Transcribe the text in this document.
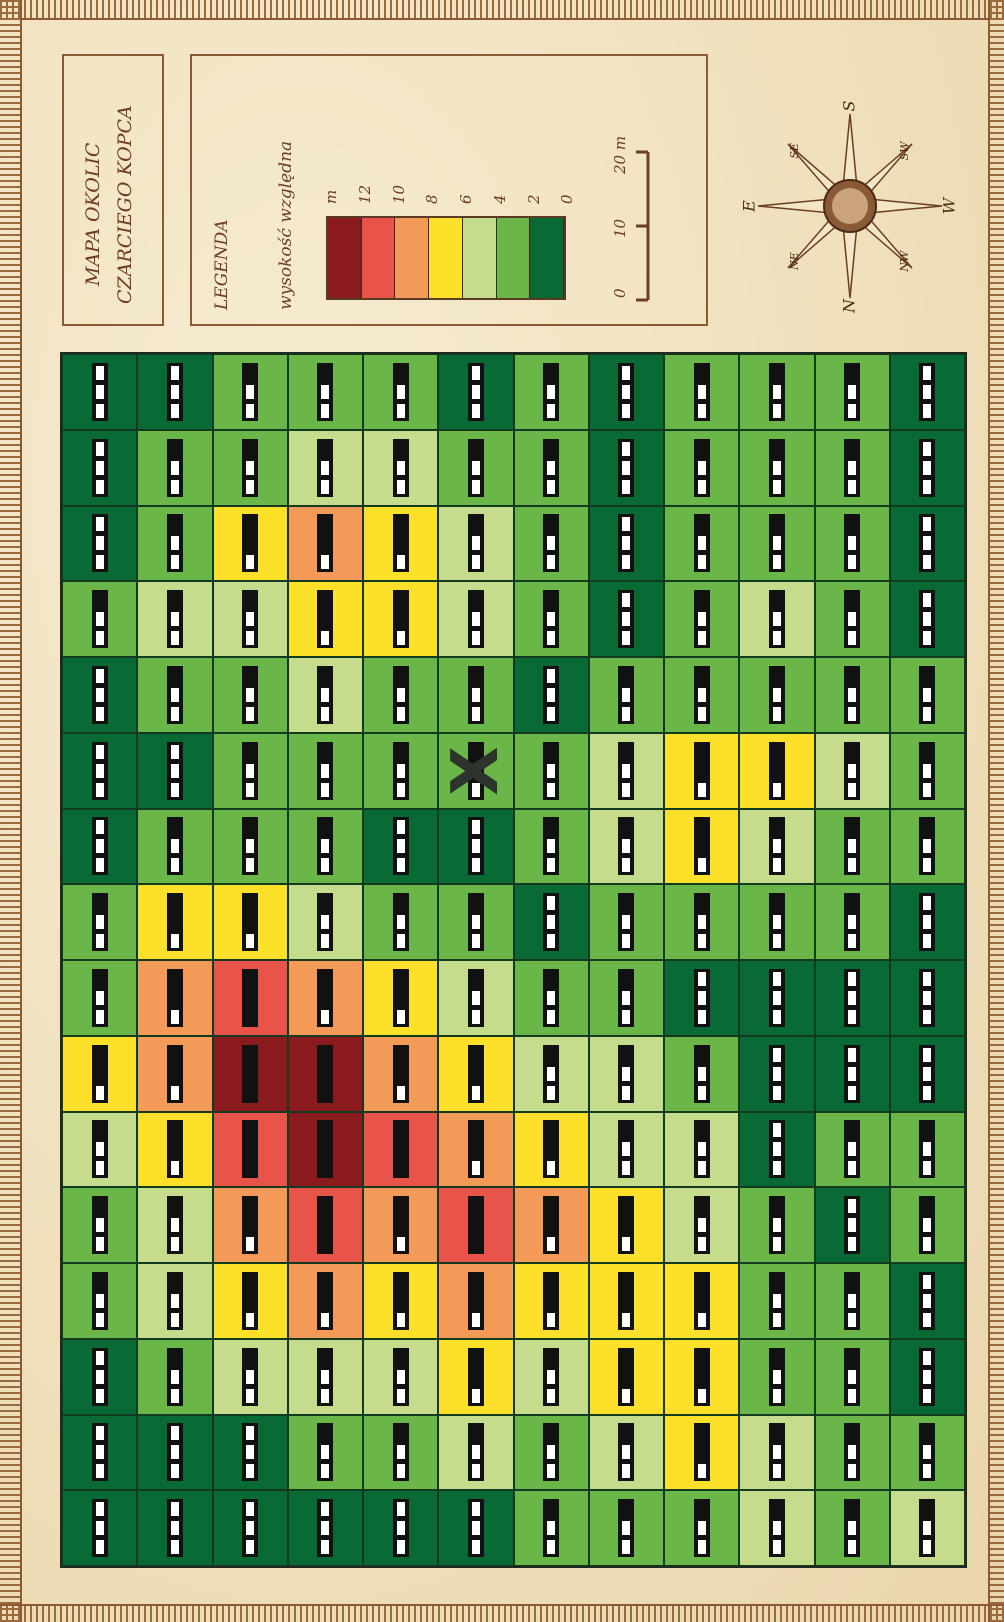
MAPA OKOLIC CZARCIEGO KOPCA	LEGENDA	wysokość względna m 12 10 8 6 4 2 0
0
10
20 m
N
NE
E
SE
S
SW
W
NW
X
